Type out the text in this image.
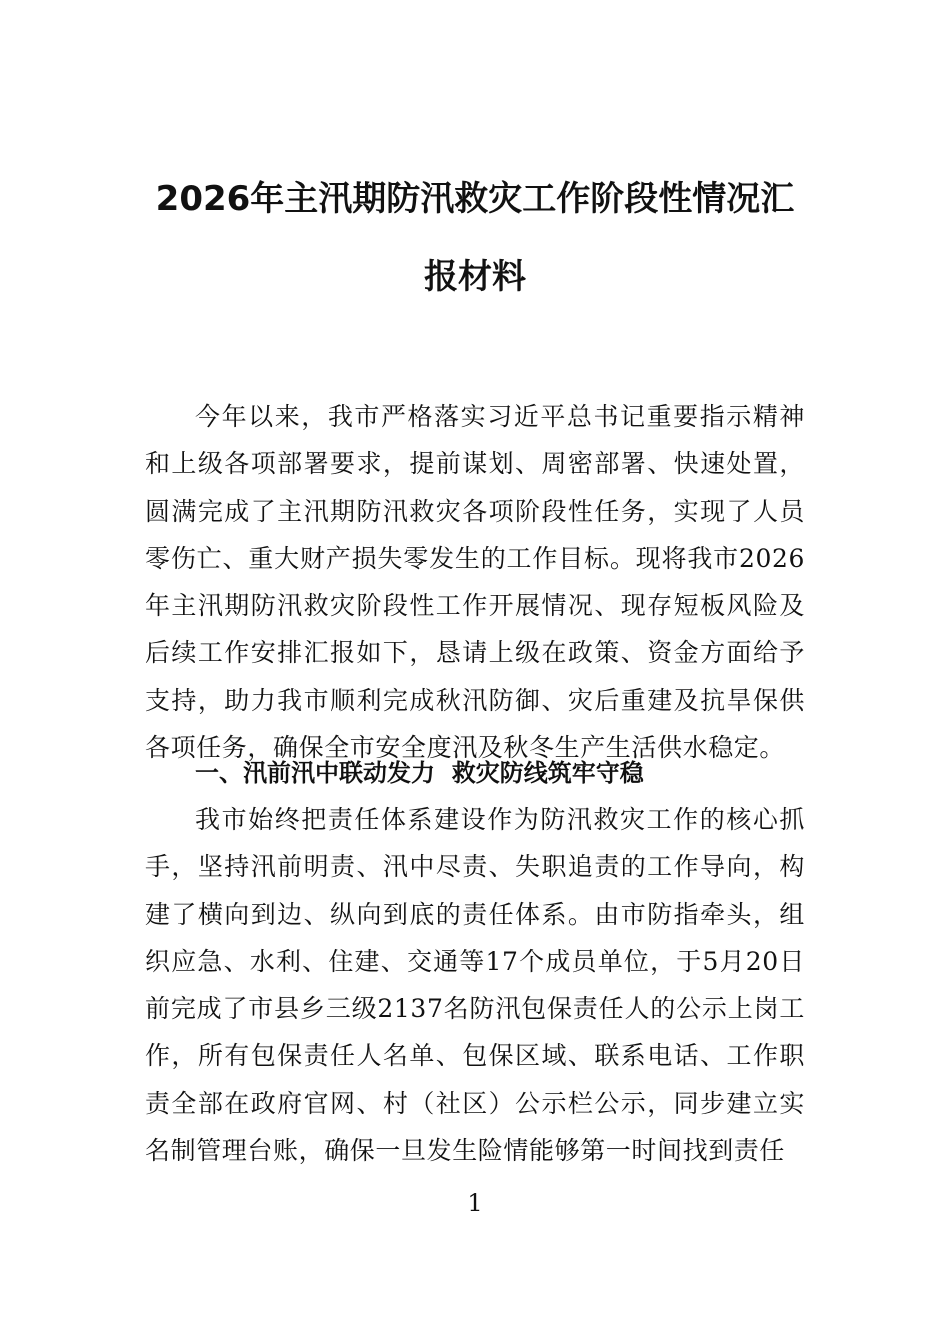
2026年主汛期防汛救灾工作阶段性情况汇报材料

今年以来，我市严格落实习近平总书记重要指示精神和上级各项部署要求，提前谋划、周密部署、快速处置，圆满完成了主汛期防汛救灾各项阶段性任务，实现了人员零伤亡、重大财产损失零发生的工作目标。现将我市2026年主汛期防汛救灾阶段性工作开展情况、现存短板风险及后续工作安排汇报如下，恳请上级在政策、资金方面给予支持，助力我市顺利完成秋汛防御、灾后重建及抗旱保供各项任务，确保全市安全度汛及秋冬生产生活供水稳定。

一、汛前汛中联动发力  救灾防线筑牢守稳

我市始终把责任体系建设作为防汛救灾工作的核心抓手，坚持汛前明责、汛中尽责、失职追责的工作导向，构建了横向到边、纵向到底的责任体系。由市防指牵头，组织应急、水利、住建、交通等17个成员单位，于5月20日前完成了市县乡三级2137名防汛包保责任人的公示上岗工作，所有包保责任人名单、包保区域、联系电话、工作职责全部在政府官网、村（社区）公示栏公示，同步建立实名制管理台账，确保一旦发生险情能够第一时间找到责任

1
